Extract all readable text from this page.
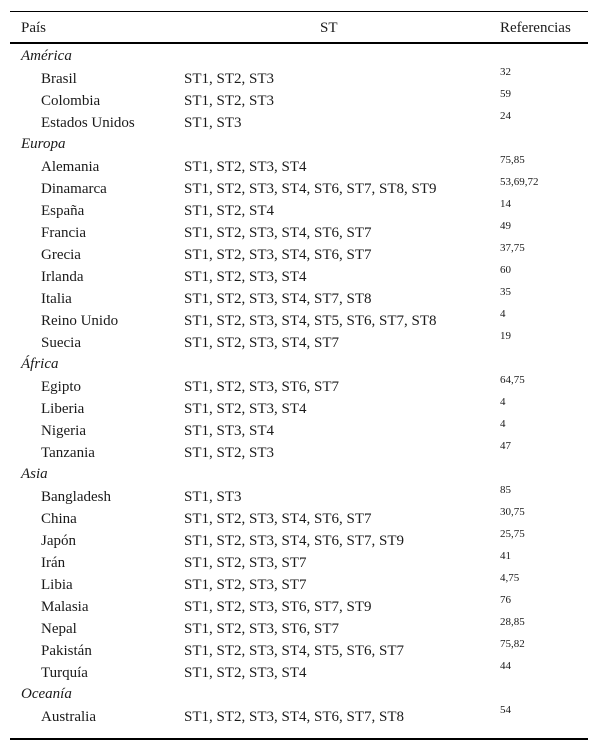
País	ST	Referencias
América
Brasil	ST1, ST2, ST3	32
Colombia	ST1, ST2, ST3	59
Estados Unidos	ST1, ST3	24
Europa
Alemania	ST1, ST2, ST3, ST4	75,85
Dinamarca	ST1, ST2, ST3, ST4, ST6, ST7, ST8, ST9	53,69,72
España	ST1, ST2, ST4	14
Francia	ST1, ST2, ST3, ST4, ST6, ST7	49
Grecia	ST1, ST2, ST3, ST4, ST6, ST7	37,75
Irlanda	ST1, ST2, ST3, ST4	60
Italia	ST1, ST2, ST3, ST4, ST7, ST8	35
Reino Unido	ST1, ST2, ST3, ST4, ST5, ST6, ST7, ST8	4
Suecia	ST1, ST2, ST3, ST4, ST7	19
África
Egipto	ST1, ST2, ST3, ST6, ST7	64,75
Liberia	ST1, ST2, ST3, ST4	4
Nigeria	ST1, ST3, ST4	4
Tanzania	ST1, ST2, ST3	47
Asia
Bangladesh	ST1, ST3	85
China	ST1, ST2, ST3, ST4, ST6, ST7	30,75
Japón	ST1, ST2, ST3, ST4, ST6, ST7, ST9	25,75
Irán	ST1, ST2, ST3, ST7	41
Libia	ST1, ST2, ST3, ST7	4,75
Malasia	ST1, ST2, ST3, ST6, ST7, ST9	76
Nepal	ST1, ST2, ST3, ST6, ST7	28,85
Pakistán	ST1, ST2, ST3, ST4, ST5, ST6, ST7	75,82
Turquía	ST1, ST2, ST3, ST4	44
Oceanía
Australia	ST1, ST2, ST3, ST4, ST6, ST7, ST8	54
